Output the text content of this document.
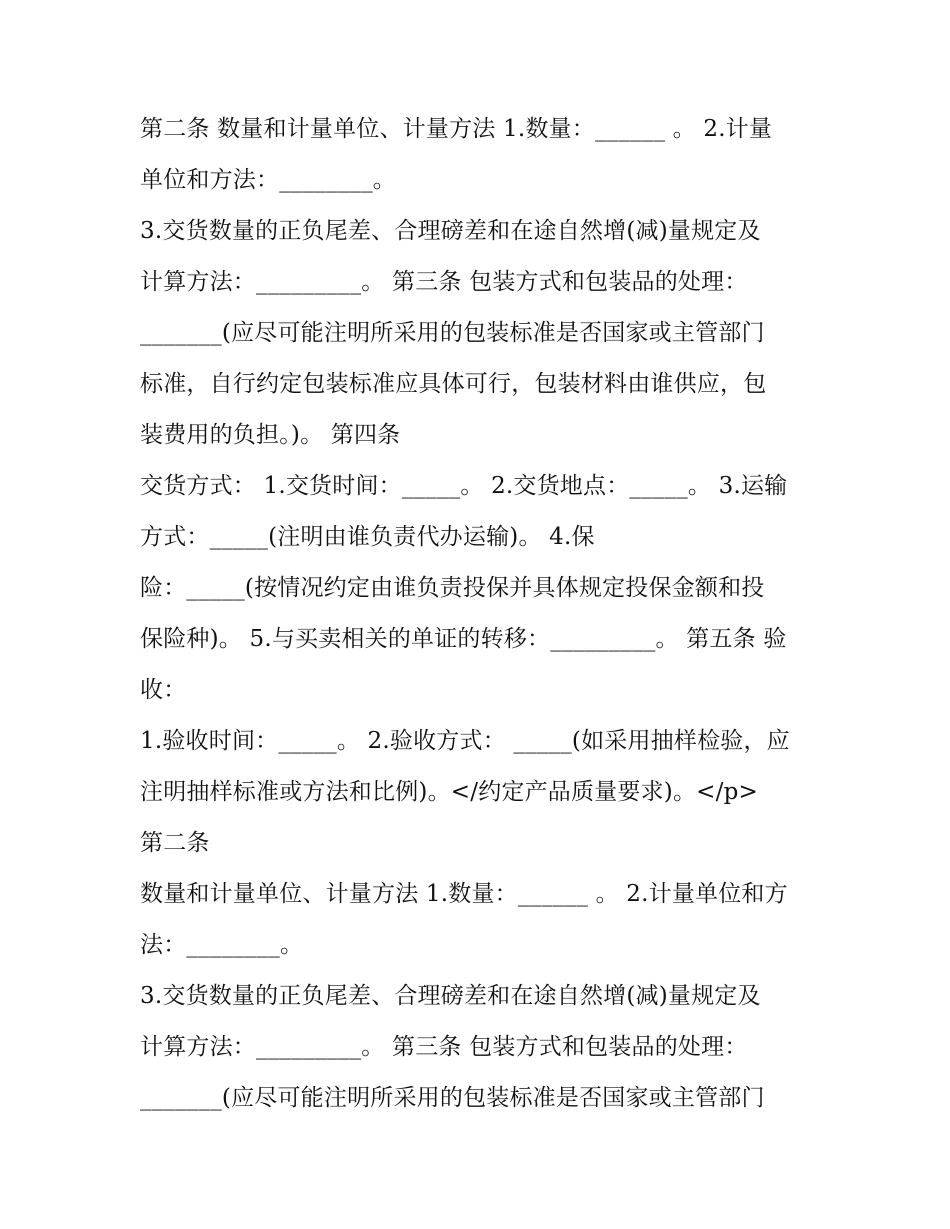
第二条 数量和计量单位、计量方法 1.数量：______ 。 2.计量
单位和方法：________。
3.交货数量的正负尾差、合理磅差和在途自然增(减)量规定及
计算方法：_________。 第三条 包装方式和包装品的处理：
_______(应尽可能注明所采用的包装标准是否国家或主管部门
标准，自行约定包装标准应具体可行，包装材料由谁供应，包
装费用的负担。)。 第四条
交货方式： 1.交货时间：_____。 2.交货地点：_____。 3.运输
方式：_____(注明由谁负责代办运输)。 4.保
险：_____(按情况约定由谁负责投保并具体规定投保金额和投
保险种)。 5.与买卖相关的单证的转移：_________。 第五条 验
收：
1.验收时间：_____。 2.验收方式： _____(如采用抽样检验，应
注明抽样标准或方法和比例)。</约定产品质量要求)。</p>
第二条
数量和计量单位、计量方法 1.数量：______ 。 2.计量单位和方
法：________。
3.交货数量的正负尾差、合理磅差和在途自然增(减)量规定及
计算方法：_________。 第三条 包装方式和包装品的处理：
_______(应尽可能注明所采用的包装标准是否国家或主管部门
